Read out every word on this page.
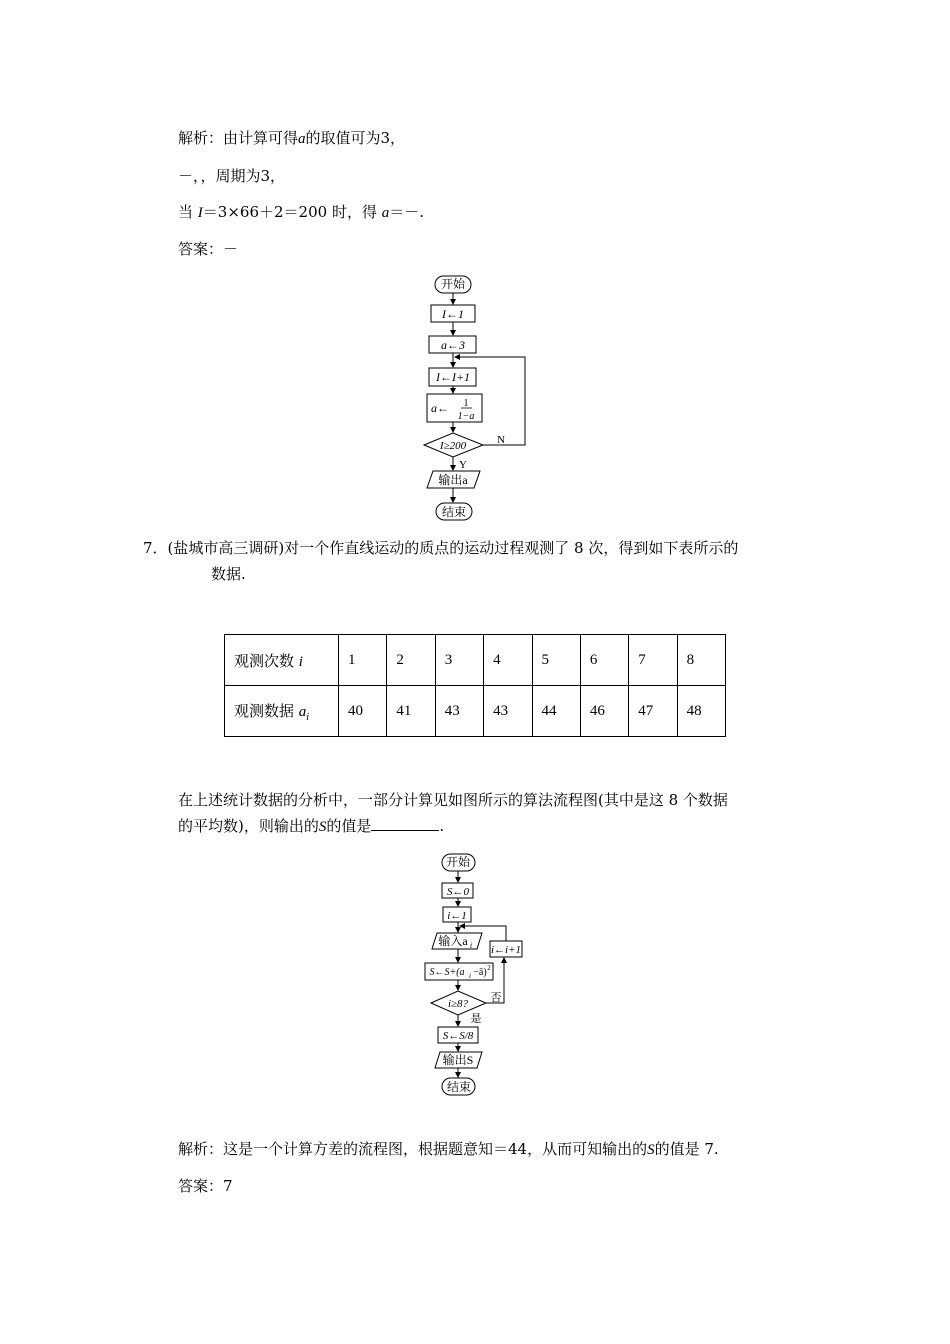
解析：由计算可得a的取值可为3，
－，，周期为3，
当 I＝3×66＋2＝200 时，得 a＝－.
答案：－
开始
I←1
a←3
I←I+1
a← 1
1−a
I≥200	N
Y
输出a
结束
7．(盐城市高三调研)对一个作直线运动的质点的运动过程观测了 8 次，得到如下表所示的
数据.
观测次数 i	1	2	3	4	5	6	7	8
观测数据 $a_i$	40	41	43	43	44	46	47	48
在上述统计数据的分析中，一部分计算见如图所示的算法流程图(其中是这 8 个数据
的平均数)，则输出的S的值是	.
开始
S←0
i←1
输入a i i←i+1
S←S+(a i −ā) 2
i≥8? 否
是
S←S/8
输出S
结束
解析：这是一个计算方差的流程图，根据题意知＝44，从而可知输出的S的值是 7.
答案：7
